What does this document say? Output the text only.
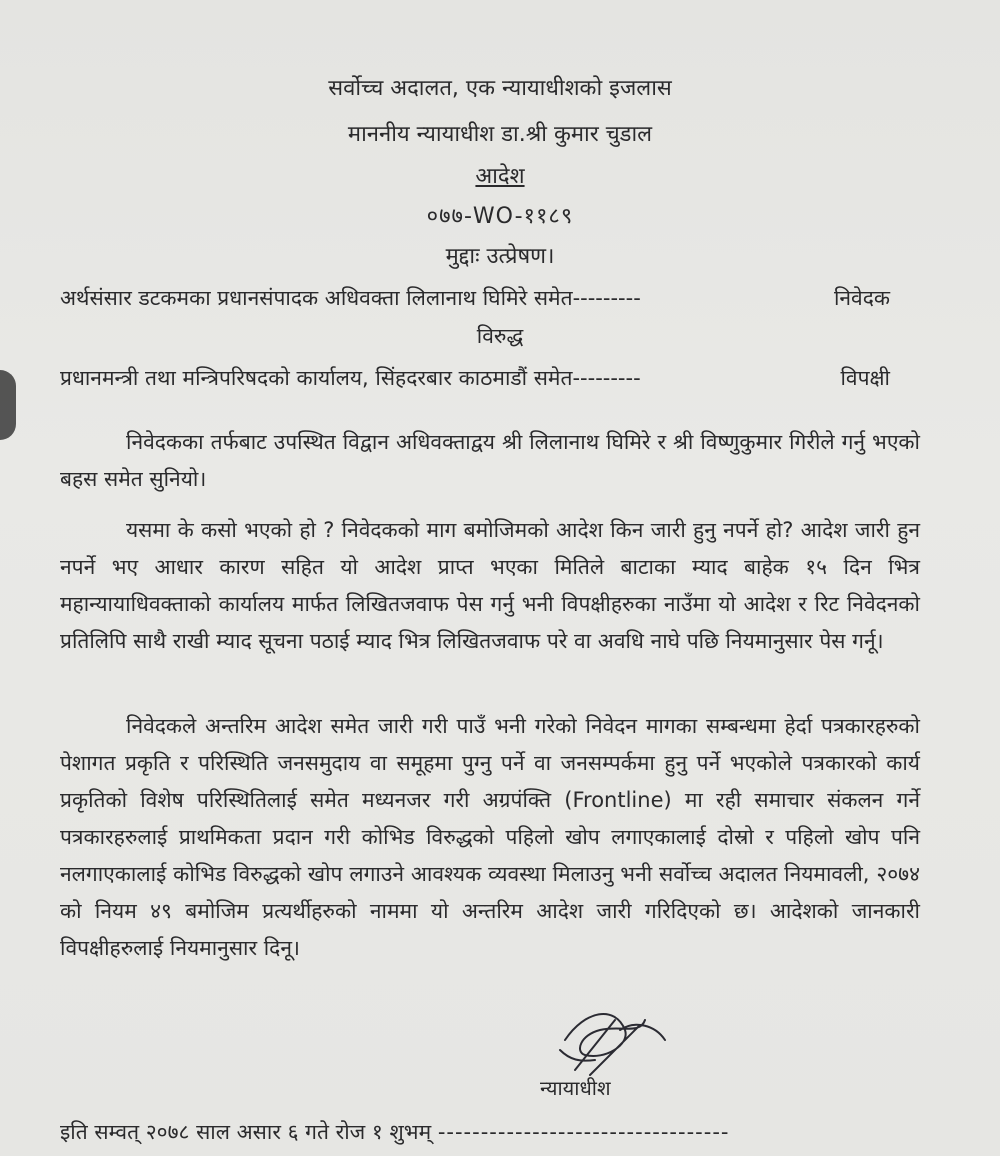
सर्वोच्च अदालत, एक न्यायाधीशको इजलास
माननीय न्यायाधीश डा.श्री कुमार चुडाल
आदेश
०७७-WO-११८९
मुद्दाः उत्प्रेषण।
अर्थसंसार डटकमका प्रधानसंपादक अधिवक्ता लिलानाथ घिमिरे समेत---------	निवेदक
विरुद्ध
प्रधानमन्त्री तथा मन्त्रिपरिषदको कार्यालय, सिंहदरबार काठमाडौं समेत---------	विपक्षी
निवेदकका तर्फबाट उपस्थित विद्वान अधिवक्ताद्वय श्री लिलानाथ घिमिरे र श्री विष्णुकुमार गिरीले गर्नु भएको बहस समेत सुनियो।
यसमा के कसो भएको हो ? निवेदकको माग बमोजिमको आदेश किन जारी हुनु नपर्ने हो? आदेश जारी हुन नपर्ने भए आधार कारण सहित यो आदेश प्राप्त भएका मितिले बाटाका म्याद बाहेक १५ दिन भित्र महान्यायाधिवक्ताको कार्यालय मार्फत लिखितजवाफ पेस गर्नु भनी विपक्षीहरुका नाउँमा यो आदेश र रिट निवेदनको प्रतिलिपि साथै राखी म्याद सूचना पठाई म्याद भित्र लिखितजवाफ परे वा अवधि नाघे पछि नियमानुसार पेस गर्नू।
निवेदकले अन्तरिम आदेश समेत जारी गरी पाउँ भनी गरेको निवेदन मागका सम्बन्धमा हेर्दा पत्रकारहरुको पेशागत प्रकृति र परिस्थिति जनसमुदाय वा समूहमा पुग्नु पर्ने वा जनसम्पर्कमा हुनु पर्ने भएकोले पत्रकारको कार्य प्रकृतिको विशेष परिस्थितिलाई समेत मध्यनजर गरी अग्रपंक्ति (Frontline) मा रही समाचार संकलन गर्ने पत्रकारहरुलाई प्राथमिकता प्रदान गरी कोभिड विरुद्धको पहिलो खोप लगाएकालाई दोस्रो र पहिलो खोप पनि नलगाएकालाई कोभिड विरुद्धको खोप लगाउने आवश्यक व्यवस्था मिलाउनु भनी सर्वोच्च अदालत नियमावली, २०७४ को नियम ४९ बमोजिम प्रत्यर्थीहरुको नाममा यो अन्तरिम आदेश जारी गरिदिएको छ। आदेशको जानकारी विपक्षीहरुलाई नियमानुसार दिनू।
न्यायाधीश
इति सम्वत् २०७८ साल असार ६ गते रोज १ शुभम् ----------------------------------
